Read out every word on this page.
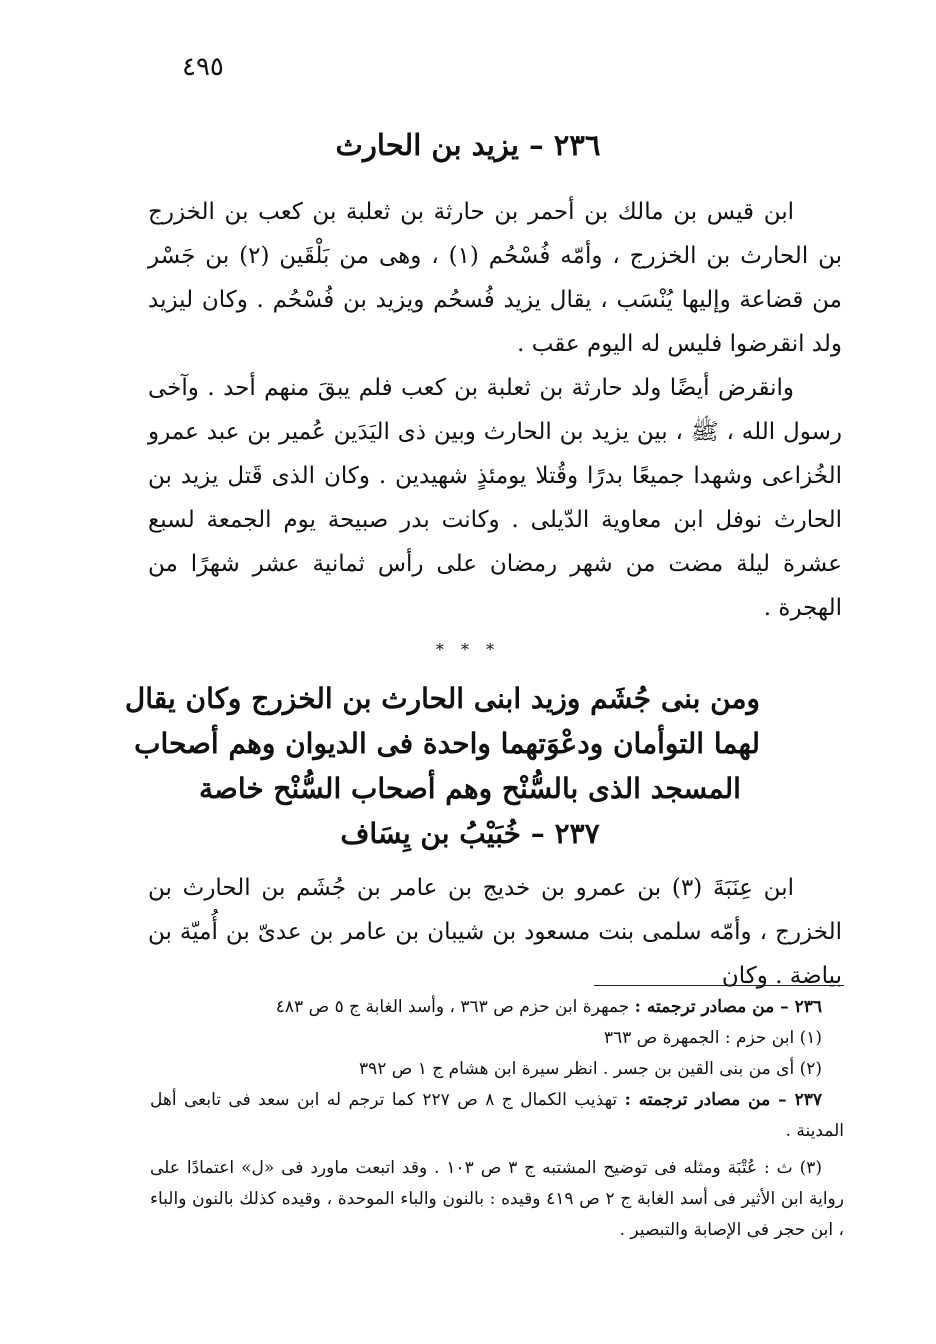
٤٩٥
٢٣٦ – يزيد بن الحارث

ابن قيس بن مالك بن أحمر بن حارثة بن ثعلبة بن كعب بن الخزرج بن الحارث بن الخزرج ، وأمّه فُسْحُم (١) ، وهى من بَلْقَين (٢) بن جَسْر من قضاعة وإليها يُنْسَب ، يقال يزيد فُسحُم ويزيد بن فُسْحُم . وكان ليزيد ولد انقرضوا فليس له اليوم عقب .

وانقرض أيضًا ولد حارثة بن ثعلبة بن كعب فلم يبقَ منهم أحد . وآخى رسول الله ، ﷺ ، بين يزيد بن الحارث وبين ذى اليَدَين عُمير بن عبد عمرو الخُزاعى وشهدا جميعًا بدرًا وقُتلا يومئذٍ شهيدين . وكان الذى قَتل يزيد بن الحارث نوفل ابن معاوية الدّيلى . وكانت بدر صبيحة يوم الجمعة لسبع عشرة ليلة مضت من شهر رمضان على رأس ثمانية عشر شهرًا من الهجرة .

* * *
ومن بنى جُشَم وزيد ابنى الحارث بن الخزرج وكان يقال
لهما التوأمان ودعْوَتهما واحدة فى الديوان وهم أصحاب
المسجد الذى بالسُّنْح وهم أصحاب السُّنْح خاصة
٢٣٧ – خُبَيْبُ بن يِسَاف

ابن عِنَبَةَ (٣) بن عمرو بن خديج بن عامر بن جُشَم بن الحارث بن الخزرج ، وأمّه سلمى بنت مسعود بن شيبان بن عامر بن عدىّ بن أُميّة بن بياضة . وكان

٢٣٦ – من مصادر ترجمته : جمهرة ابن حزم ص ٣٦٣ ، وأسد الغابة ج ٥ ص ٤٨٣

(١) ابن حزم : الجمهرة ص ٣٦٣

(٢) أى من بنى القين بن جسر . انظر سيرة ابن هشام ج ١ ص ٣٩٢

٢٣٧ – من مصادر ترجمته : تهذيب الكمال ج ٨ ص ٢٢٧ كما ترجم له ابن سعد فى تابعى أهل المدينة .

(٣) ث : عُتْبَة ومثله فى توضيح المشتبه ج ٣ ص ١٠٣ . وقد اتبعت ماورد فى «ل» اعتمادًا على رواية ابن الأثير فى أسد الغابة ج ٢ ص ٤١٩ وقيده : بالنون والباء الموحدة ، وقيده كذلك بالنون والباء ، ابن حجر فى الإصابة والتبصير .
